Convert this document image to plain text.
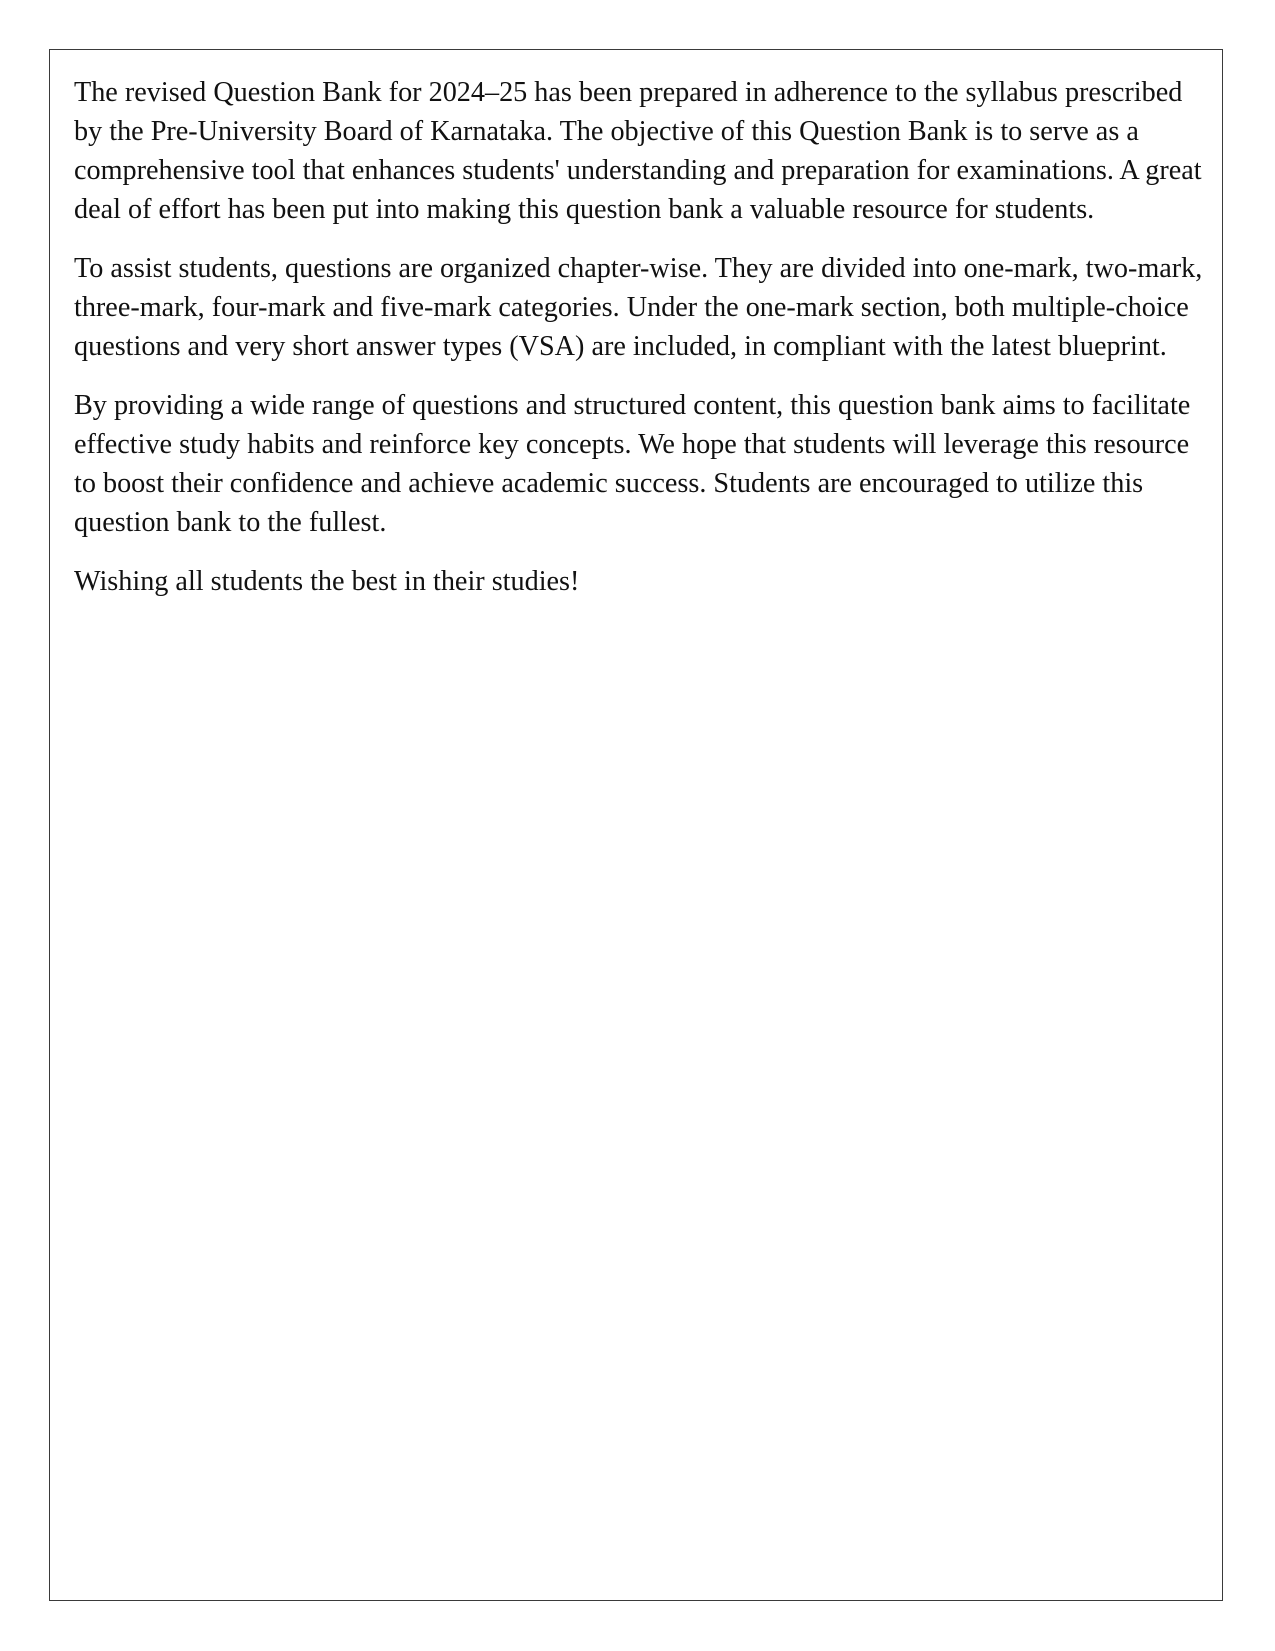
The revised Question Bank for 2024–25 has been prepared in adherence to the syllabus prescribed by the Pre-University Board of Karnataka. The objective of this Question Bank is to serve as a comprehensive tool that enhances students' understanding and preparation for examinations. A great deal of effort has been put into making this question bank a valuable resource for students.

To assist students, questions are organized chapter-wise. They are divided into one-mark, two-mark, three-mark, four-mark and five-mark categories. Under the one-mark section, both multiple-choice questions and very short answer types (VSA) are included, in compliant with the latest blueprint.

By providing a wide range of questions and structured content, this question bank aims to facilitate effective study habits and reinforce key concepts. We hope that students will leverage this resource to boost their confidence and achieve academic success. Students are encouraged to utilize this question bank to the fullest.

Wishing all students the best in their studies!
